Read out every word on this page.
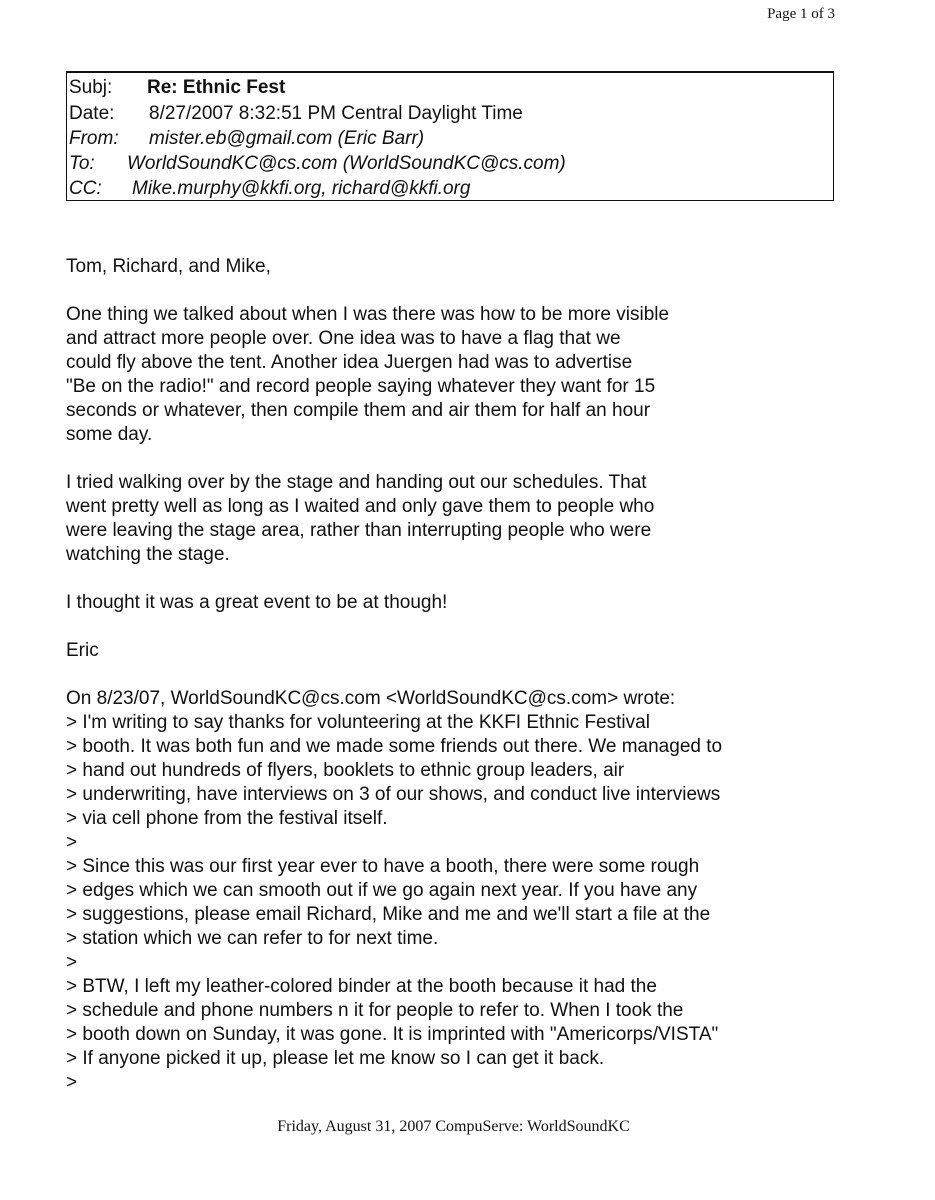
Page 1 of 3
Subj: Re: Ethnic Fest
Date: 8/27/2007 8:32:51 PM Central Daylight Time
From: mister.eb@gmail.com (Eric Barr)
To: WorldSoundKC@cs.com (WorldSoundKC@cs.com)
CC: Mike.murphy@kkfi.org, richard@kkfi.org

Tom, Richard, and Mike,

One thing we talked about when I was there was how to be more visible
and attract more people over. One idea was to have a flag that we
could fly above the tent. Another idea Juergen had was to advertise
"Be on the radio!" and record people saying whatever they want for 15
seconds or whatever, then compile them and air them for half an hour
some day.

I tried walking over by the stage and handing out our schedules. That
went pretty well as long as I waited and only gave them to people who
were leaving the stage area, rather than interrupting people who were
watching the stage.

I thought it was a great event to be at though!

Eric

On 8/23/07, WorldSoundKC@cs.com <WorldSoundKC@cs.com> wrote:
> I'm writing to say thanks for volunteering at the KKFI Ethnic Festival
> booth. It was both fun and we made some friends out there. We managed to
> hand out hundreds of flyers, booklets to ethnic group leaders, air
> underwriting, have interviews on 3 of our shows, and conduct live interviews
> via cell phone from the festival itself.
>
> Since this was our first year ever to have a booth, there were some rough
> edges which we can smooth out if we go again next year. If you have any
> suggestions, please email Richard, Mike and me and we'll start a file at the
> station which we can refer to for next time.
>
> BTW, I left my leather-colored binder at the booth because it had the
> schedule and phone numbers n it for people to refer to. When I took the
> booth down on Sunday, it was gone. It is imprinted with "Americorps/VISTA"
> If anyone picked it up, please let me know so I can get it back.
>

Friday, August 31, 2007 CompuServe: WorldSoundKC
